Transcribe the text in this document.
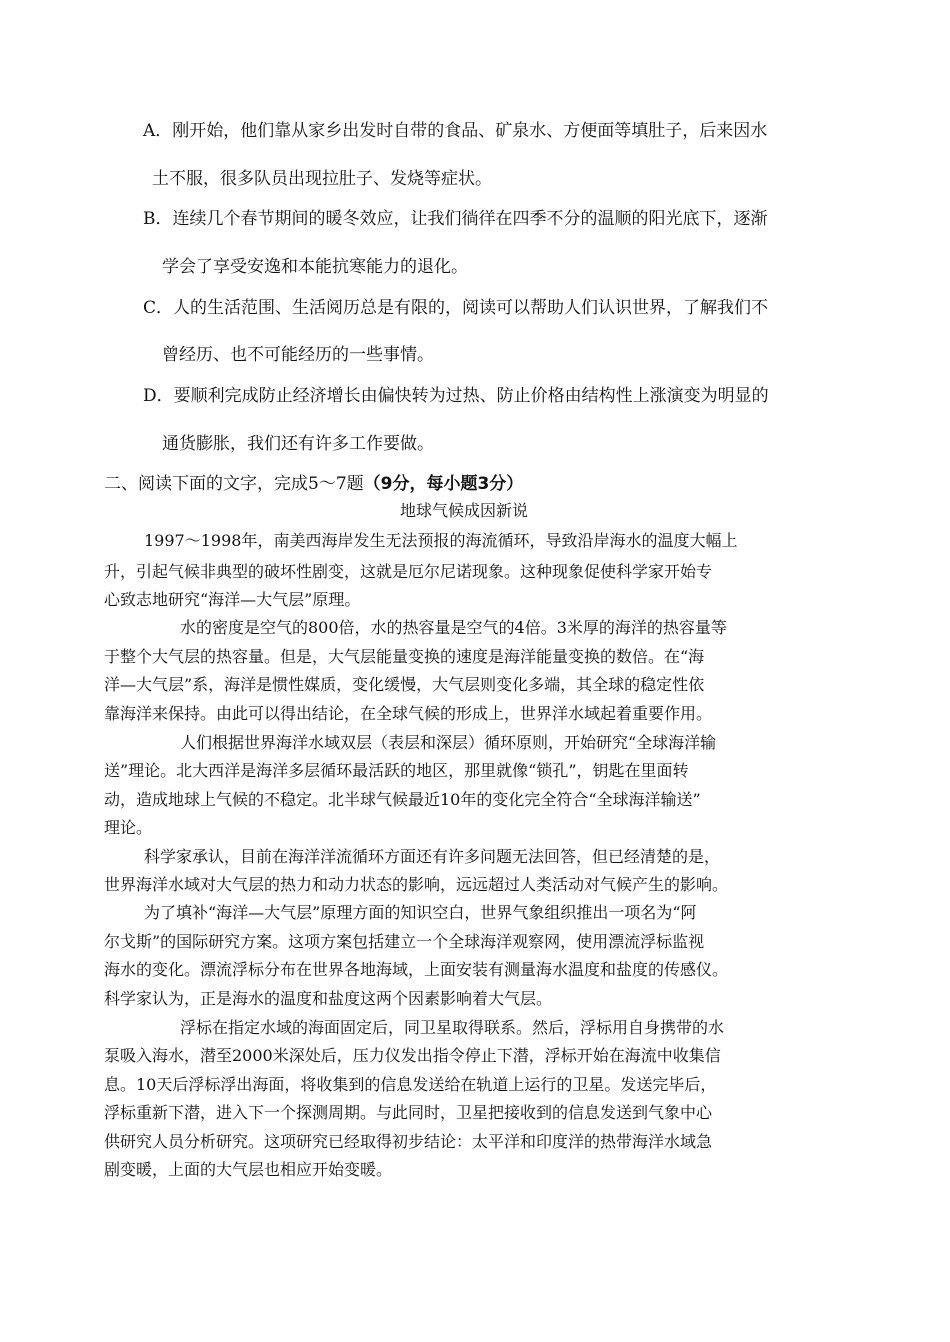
A．刚开始，他们靠从家乡出发时自带的食品、矿泉水、方便面等填肚子，后来因水
土不服，很多队员出现拉肚子、发烧等症状。
B．连续几个春节期间的暖冬效应，让我们徜徉在四季不分的温顺的阳光底下，逐渐
学会了享受安逸和本能抗寒能力的退化。
C．人的生活范围、生活阅历总是有限的，阅读可以帮助人们认识世界，了解我们不
曾经历、也不可能经历的一些事情。
D．要顺利完成防止经济增长由偏快转为过热、防止价格由结构性上涨演变为明显的
通货膨胀，我们还有许多工作要做。
二、阅读下面的文字，完成5～7题（9分，每小题3分）
地球气候成因新说
1997～1998年，南美西海岸发生无法预报的海流循环，导致沿岸海水的温度大幅上
升，引起气候非典型的破坏性剧变，这就是厄尔尼诺现象。这种现象促使科学家开始专
心致志地研究“海洋—大气层”原理。
水的密度是空气的800倍，水的热容量是空气的4倍。3米厚的海洋的热容量等
于整个大气层的热容量。但是，大气层能量变换的速度是海洋能量变换的数倍。在“海
洋—大气层”系，海洋是惯性媒质，变化缓慢，大气层则变化多端，其全球的稳定性依
靠海洋来保持。由此可以得出结论，在全球气候的形成上，世界洋水域起着重要作用。
人们根据世界海洋水域双层（表层和深层）循环原则，开始研究“全球海洋输
送”理论。北大西洋是海洋多层循环最活跃的地区，那里就像“锁孔”，钥匙在里面转
动，造成地球上气候的不稳定。北半球气候最近10年的变化完全符合“全球海洋输送”
理论。
科学家承认，目前在海洋洋流循环方面还有许多问题无法回答，但已经清楚的是，
世界海洋水域对大气层的热力和动力状态的影响，远远超过人类活动对气候产生的影响。
为了填补“海洋—大气层”原理方面的知识空白，世界气象组织推出一项名为“阿
尔戈斯”的国际研究方案。这项方案包括建立一个全球海洋观察网，使用漂流浮标监视
海水的变化。漂流浮标分布在世界各地海域，上面安装有测量海水温度和盐度的传感仪。
科学家认为，正是海水的温度和盐度这两个因素影响着大气层。
浮标在指定水域的海面固定后，同卫星取得联系。然后，浮标用自身携带的水
泵吸入海水，潜至2000米深处后，压力仪发出指令停止下潜，浮标开始在海流中收集信
息。10天后浮标浮出海面，将收集到的信息发送给在轨道上运行的卫星。发送完毕后，
浮标重新下潜，进入下一个探测周期。与此同时，卫星把接收到的信息发送到气象中心
供研究人员分析研究。这项研究已经取得初步结论：太平洋和印度洋的热带海洋水域急
剧变暖，上面的大气层也相应开始变暖。
